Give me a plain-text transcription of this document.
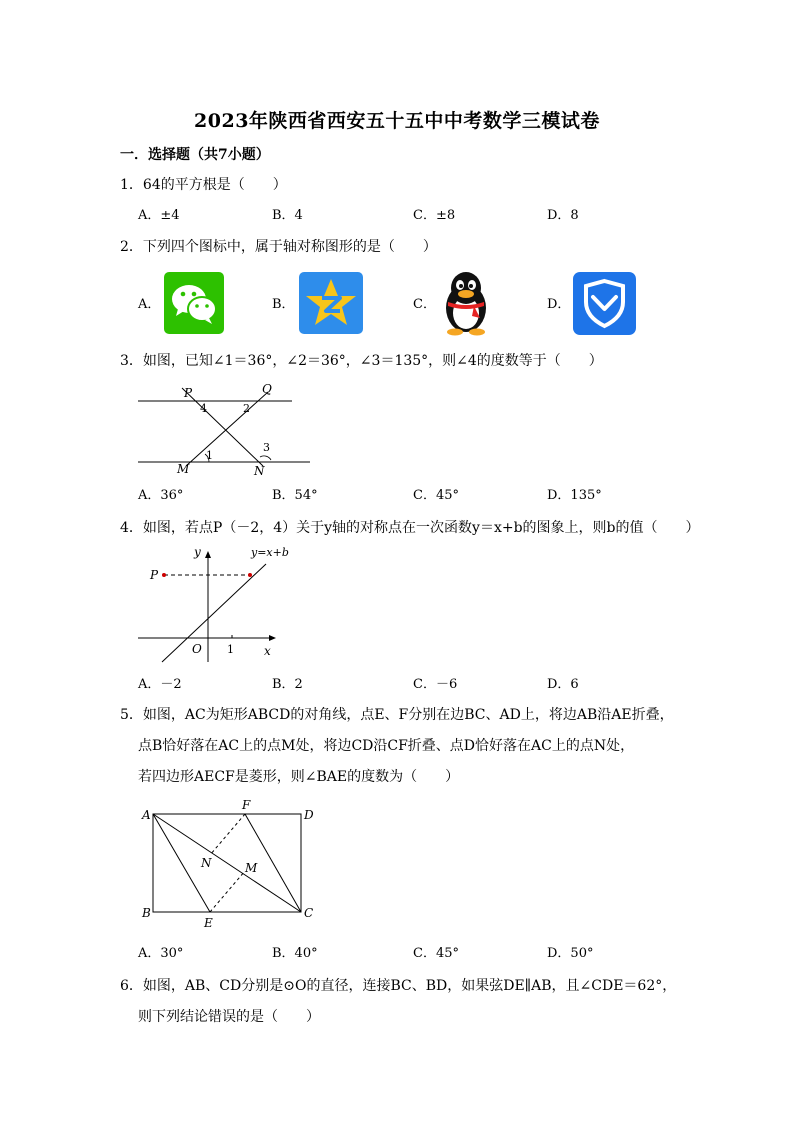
2023年陕西省西安五十五中中考数学三模试卷
一．选择题（共7小题）
1．64的平方根是（　　）
A．±4	B．4	C．±8	D．8
2．下列四个图标中，属于轴对称图形的是（　　）
A．	B．	C．	D．
3．如图，已知∠1＝36°，∠2＝36°，∠3＝135°，则∠4的度数等于（　　）
P	Q
M	N
1
2
3
4
A．36°	B．54°	C．45°	D．135°
4．如图，若点P（－2，4）关于y轴的对称点在一次函数y＝x+b的图象上，则b的值（　　）
y
x
O 1
P
y=x+b
A．－2	B．2	C．－6	D．6
5．如图，AC为矩形ABCD的对角线，点E、F分别在边BC、AD上，将边AB沿AE折叠，
点B恰好落在AC上的点M处，将边CD沿CF折叠、点D恰好落在AC上的点N处，
若四边形AECF是菱形，则∠BAE的度数为（　　）
A
B	C
D
E
F
M
N
A．30°	B．40°	C．45°	D．50°
6．如图，AB、CD分别是⊙O的直径，连接BC、BD，如果弦DE∥AB，且∠CDE＝62°，
则下列结论错误的是（　　）
